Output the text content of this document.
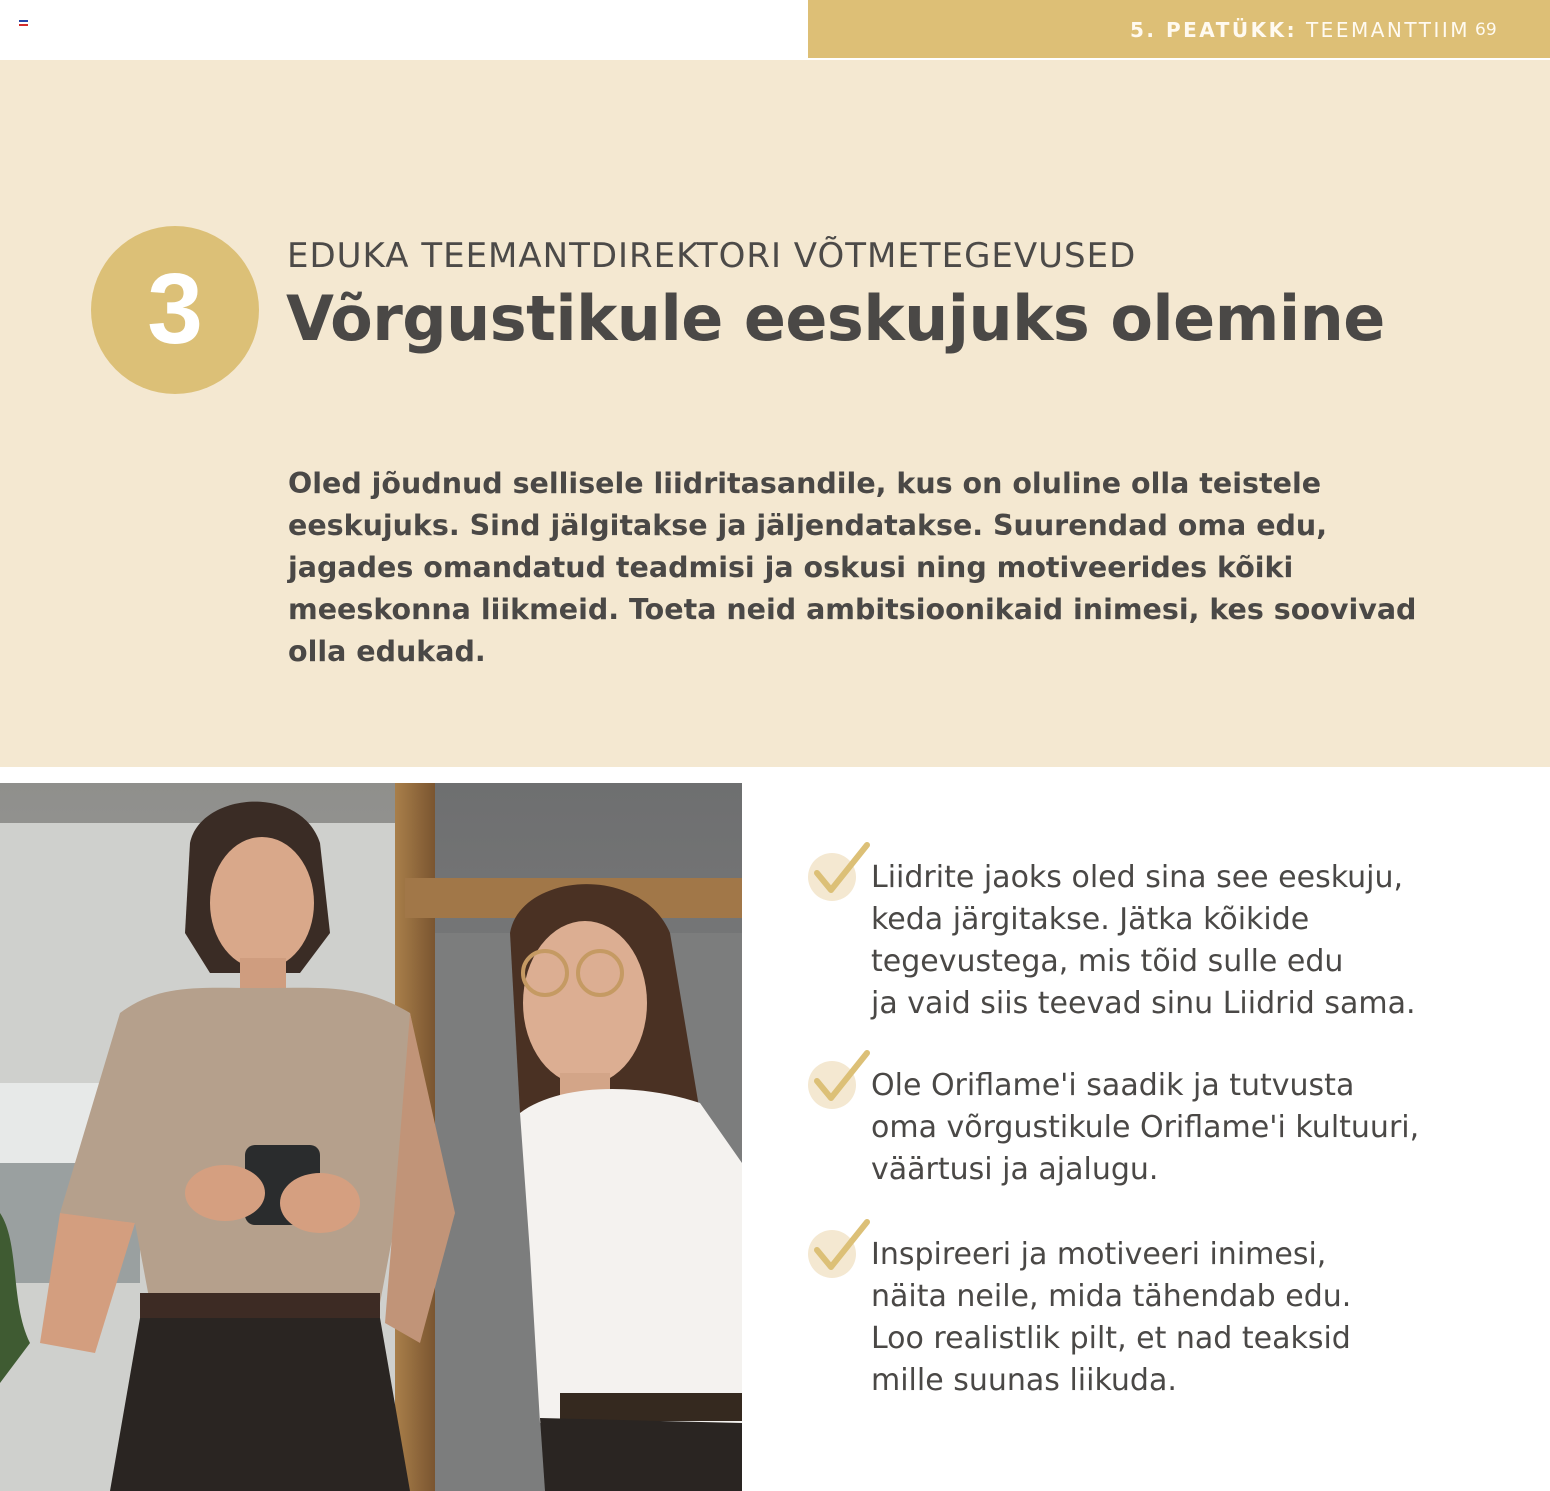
5. PEATÜKK: TEEMANTTIIM 69
3	EDUKA TEEMANTDIREKTORI VÕTMETEGEVUSED
Võrgustikule eeskujuks olemine
Oled jõudnud sellisele liidritasandile, kus on oluline olla teistele eeskujuks. Sind jälgitakse ja jäljendatakse. Suurendad oma edu, jagades omandatud teadmisi ja oskusi ning motiveerides kõiki meeskonna liikmeid. Toeta neid ambitsioonikaid inimesi, kes soovivad olla edukad.
Liidrite jaoks oled sina see eeskuju,
keda järgitakse. Jätka kõikide
tegevustega, mis tõid sulle edu
ja vaid siis teevad sinu Liidrid sama.
Ole Oriflame'i saadik ja tutvusta
oma võrgustikule Oriflame'i kultuuri,
väärtusi ja ajalugu.
Inspireeri ja motiveeri inimesi,
näita neile, mida tähendab edu.
Loo realistlik pilt, et nad teaksid
mille suunas liikuda.
